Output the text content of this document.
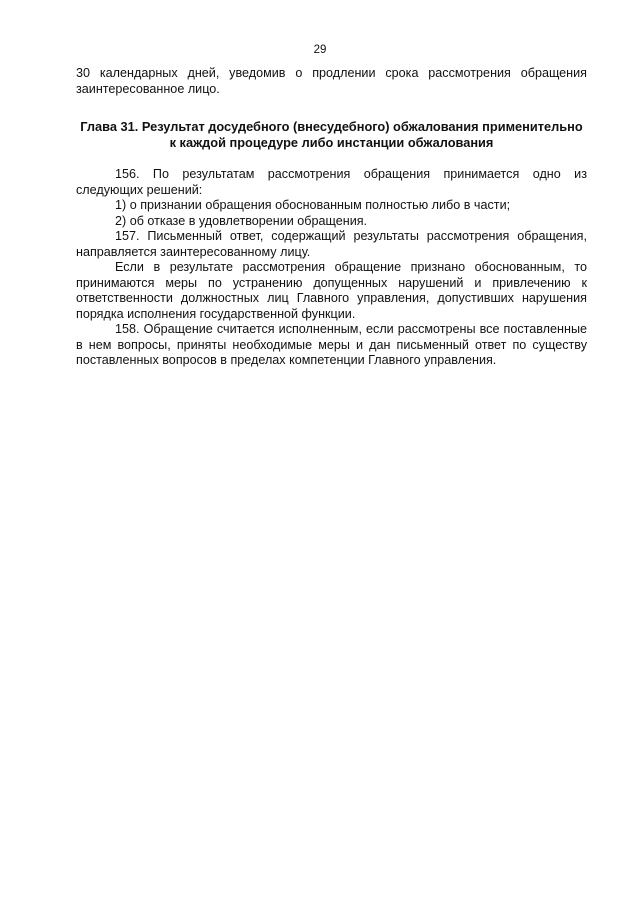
29

30 календарных дней, уведомив о продлении срока рассмотрения обращения заинтересованное лицо.

Глава 31. Результат досудебного (внесудебного) обжалования применительно к каждой процедуре либо инстанции обжалования

156. По результатам рассмотрения обращения принимается одно из следующих решений:

1) о признании обращения обоснованным полностью либо в части;

2) об отказе в удовлетворении обращения.

157. Письменный ответ, содержащий результаты рассмотрения обращения, направляется заинтересованному лицу.

Если в результате рассмотрения обращение признано обоснованным, то принимаются меры по устранению допущенных нарушений и привлечению к ответственности должностных лиц Главного управления, допустивших нарушения порядка исполнения государственной функции.

158. Обращение считается исполненным, если рассмотрены все поставленные в нем вопросы, приняты необходимые меры и дан письменный ответ по существу поставленных вопросов в пределах компетенции Главного управления.
